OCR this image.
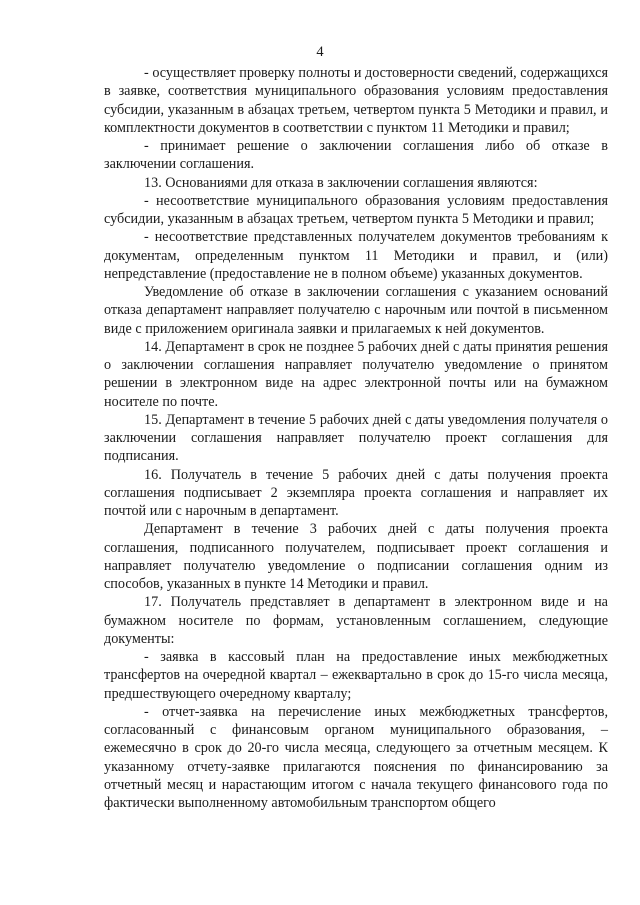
4

- осуществляет проверку полноты и достоверности сведений, содержащихся в заявке, соответствия муниципального образования условиям предоставления субсидии, указанным в абзацах третьем, четвертом пункта 5 Методики и правил, и комплектности документов в соответствии с пунктом 11 Методики и правил;

- принимает решение о заключении соглашения либо об отказе в заключении соглашения.

13. Основаниями для отказа в заключении соглашения являются:

- несоответствие муниципального образования условиям предоставления субсидии, указанным в абзацах третьем, четвертом пункта 5 Методики и правил;

- несоответствие представленных получателем документов требованиям к документам, определенным пунктом 11 Методики и правил, и (или) непредставление (предоставление не в полном объеме) указанных документов.

Уведомление об отказе в заключении соглашения с указанием оснований отказа департамент направляет получателю с нарочным или почтой в письменном виде с приложением оригинала заявки и прилагаемых к ней документов.

14. Департамент в срок не позднее 5 рабочих дней с даты принятия решения о заключении соглашения направляет получателю уведомление о принятом решении в электронном виде на адрес электронной почты или на бумажном носителе по почте.

15. Департамент в течение 5 рабочих дней с даты уведомления получателя о заключении соглашения направляет получателю проект соглашения для подписания.

16. Получатель в течение 5 рабочих дней с даты получения проекта соглашения подписывает 2 экземпляра проекта соглашения и направляет их почтой или с нарочным в департамент.

Департамент в течение 3 рабочих дней с даты получения проекта соглашения, подписанного получателем, подписывает проект соглашения и направляет получателю уведомление о подписании соглашения одним из способов, указанных в пункте 14 Методики и правил.

17. Получатель представляет в департамент в электронном виде и на бумажном носителе по формам, установленным соглашением, следующие документы:

- заявка в кассовый план на предоставление иных межбюджетных трансфертов на очередной квартал – ежеквартально в срок до 15-го числа месяца, предшествующего очередному кварталу;

- отчет-заявка на перечисление иных межбюджетных трансфертов, согласованный с финансовым органом муниципального образования, – ежемесячно в срок до 20-го числа месяца, следующего за отчетным месяцем. К указанному отчету-заявке прилагаются пояснения по финансированию за отчетный месяц и нарастающим итогом с начала текущего финансового года по фактически выполненному автомобильным транспортом общего
